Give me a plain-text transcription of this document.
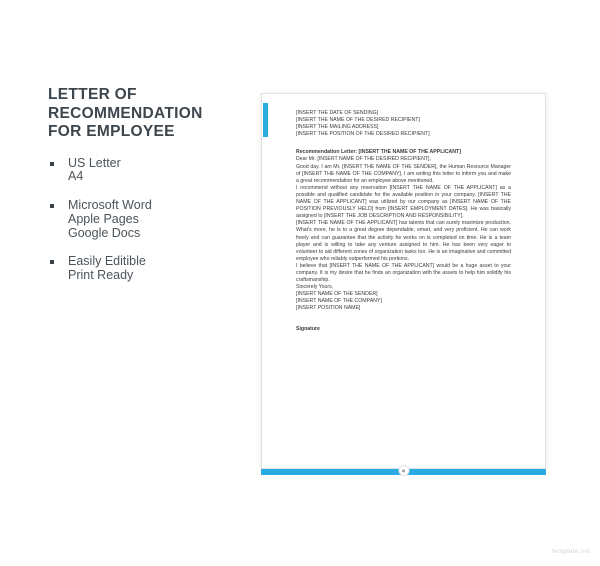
LETTER OF
RECOMMENDATION
FOR EMPLOYEE
US Letter
A4
Microsoft Word
Apple Pages
Google Docs
Easily Editible
Print Ready

[INSERT THE DATE OF SENDING]

[INSERT THE NAME OF THE DESIRED RECIPIENT]

[INSERT THE MAILING ADDRESS]

[INSERT THE POSITION OF THE DESIRED RECIPIENT]

Recommendation Letter: [INSERT THE NAME OF THE APPLICANT]

Dear Mr. [INSERT NAME OF THE DESIRED RECIPIENT],

Good day. I am Mr. [INSERT THE NAME OF THE SENDER], the Human Resource Manager of [INSERT THE NAME OF THE COMPANY]. I am writing this letter to inform you and make a great recommendation for an employee above mentioned.

I recommend without any reservation [INSERT THE NAME OF THE APPLICANT] as a possible and qualified candidate for the available position in your company. [INSERT THE NAME OF THE APPLICANT] was utilized by our company as [INSERT NAME OF THE POSITION PREVIOUSLY HELD] from [INSERT EMPLOYMENT DATES]. He was basically assigned to [INSERT THE JOB DESCRIPTION AND RESPONSIBILITY].

[INSERT THE NAME OF THE APPLICANT] has talents that can surely maximize production. What's more, he is to a great degree dependable, smart, and very proficient. He can work freely and can guarantee that the activity he works on is completed on time. He is a team player and is willing to take any venture assigned to him. He has been very eager to volunteer to aid different zones of organization tasks too. He is an imaginative and committed employee who reliably outperformed his portions.

I believe that [INSERT THE NAME OF THE APPLICANT] would be a huge asset to your company. It is my desire that he finds an organization with the assets to help him solidify his craftsmanship.

Sincerely Yours,

[INSERT NAME OF THE SENDER]

[INSERT NAME OF THE COMPANY]

[INSERT POSITION NAME]

Signature

template.net
